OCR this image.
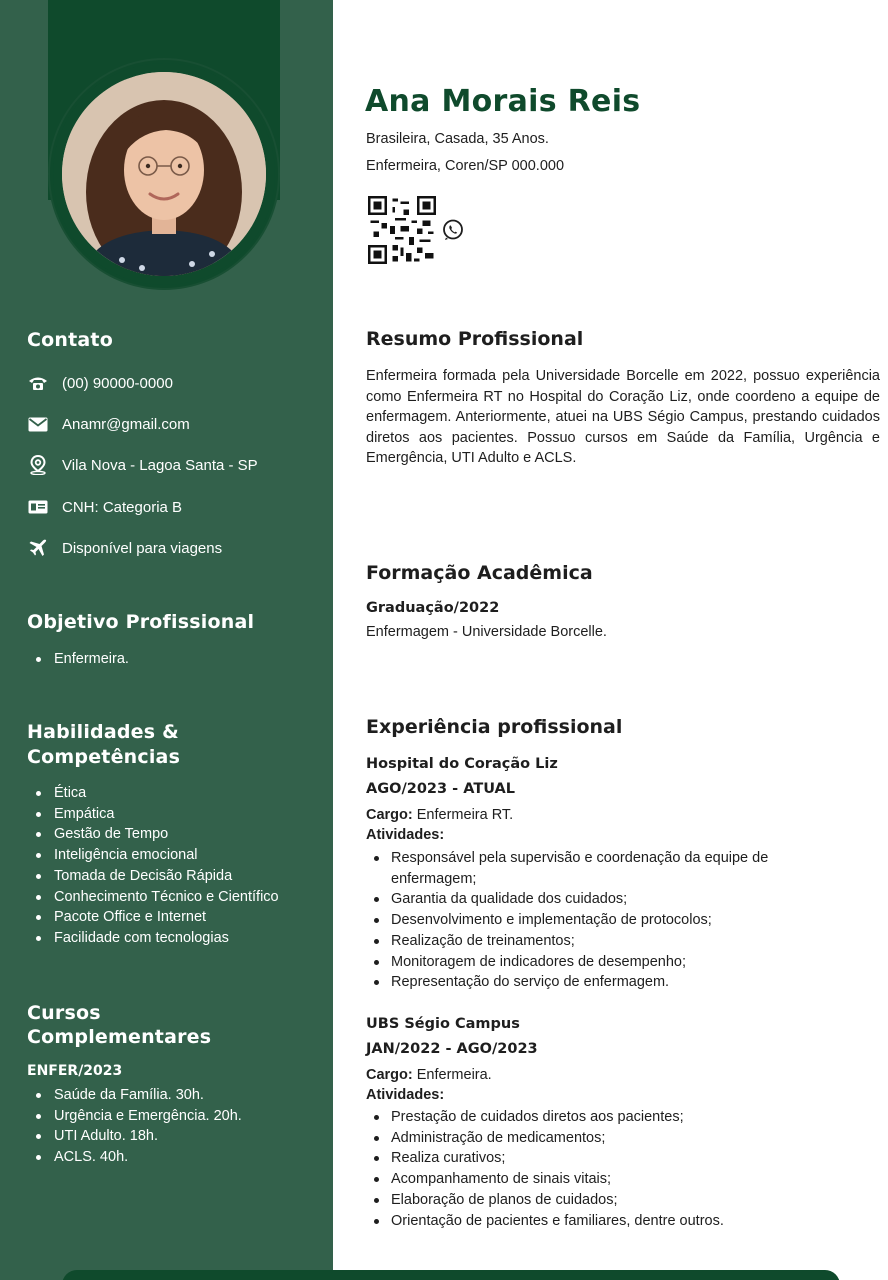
Contato
(00) 90000-0000
Anamr@gmail.com
Vila Nova - Lagoa Santa - SP
CNH: Categoria B
Disponível para viagens
Objetivo Profissional
Enfermeira.
Habilidades &
Competências
Ética
Empática
Gestão de Tempo
Inteligência emocional
Tomada de Decisão Rápida
Conhecimento Técnico e Científico
Pacote Office e Internet
Facilidade com tecnologias
Cursos
Complementares
ENFER/2023
Saúde da Família. 30h.
Urgência e Emergência. 20h.
UTI Adulto. 18h.
ACLS. 40h.
Ana Morais Reis
Brasileira, Casada, 35 Anos.
Enfermeira, Coren/SP 000.000
Resumo Profissional
Enfermeira formada pela Universidade Borcelle em 2022, possuo experiência como Enfermeira RT no Hospital do Coração Liz, onde coordeno a equipe de enfermagem. Anteriormente, atuei na UBS Ségio Campus, prestando cuidados diretos aos pacientes. Possuo cursos em Saúde da Família, Urgência e Emergência, UTI Adulto e ACLS.
Formação Acadêmica
Graduação/2022
Enfermagem - Universidade Borcelle.
Experiência profissional
Hospital do Coração Liz
AGO/2023 - ATUAL
Cargo: Enfermeira RT.
Atividades:
Responsável pela supervisão e coordenação da equipe de enfermagem;
Garantia da qualidade dos cuidados;
Desenvolvimento e implementação de protocolos;
Realização de treinamentos;
Monitoragem de indicadores de desempenho;
Representação do serviço de enfermagem.
UBS Ségio Campus
JAN/2022 - AGO/2023
Cargo: Enfermeira.
Atividades:
Prestação de cuidados diretos aos pacientes;
Administração de medicamentos;
Realiza curativos;
Acompanhamento de sinais vitais;
Elaboração de planos de cuidados;
Orientação de pacientes e familiares, dentre outros.
